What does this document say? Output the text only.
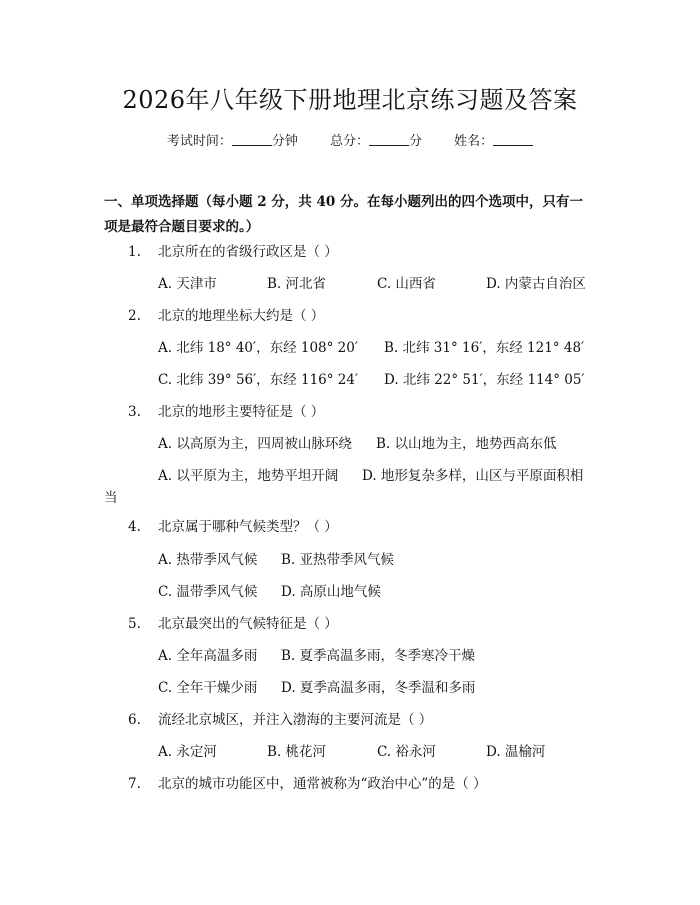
2026年八年级下册地理北京练习题及答案
考试时间：	分钟 总分：	分 姓名：
一、单项选择题（每小题 2 分，共 40 分。在每小题列出的四个选项中，只有一项是最符合题目要求的。）
1. 北京所在的省级行政区是（ ）
A. 天津市	B. 河北省	C. 山西省	D. 内蒙古自治区
2. 北京的地理坐标大约是（ ）
A. 北纬 18° 40′，东经 108° 20′ B. 北纬 31° 16′，东经 121° 48′
C. 北纬 39° 56′，东经 116° 24′ D. 北纬 22° 51′，东经 114° 05′
3. 北京的地形主要特征是（ ）
A. 以高原为主，四周被山脉环绕 B. 以山地为主，地势西高东低
A. 以平原为主，地势平坦开阔 D. 地形复杂多样，山区与平原面积相
当
4. 北京属于哪种气候类型？（ ）
A. 热带季风气候 B. 亚热带季风气候
C. 温带季风气候 D. 高原山地气候
5. 北京最突出的气候特征是（ ）
A. 全年高温多雨 B. 夏季高温多雨，冬季寒冷干燥
C. 全年干燥少雨 D. 夏季高温多雨，冬季温和多雨
6. 流经北京城区，并注入渤海的主要河流是（ ）
A. 永定河	B. 桃花河	C. 裕永河	D. 温榆河
7. 北京的城市功能区中，通常被称为“政治中心”的是（ ）
